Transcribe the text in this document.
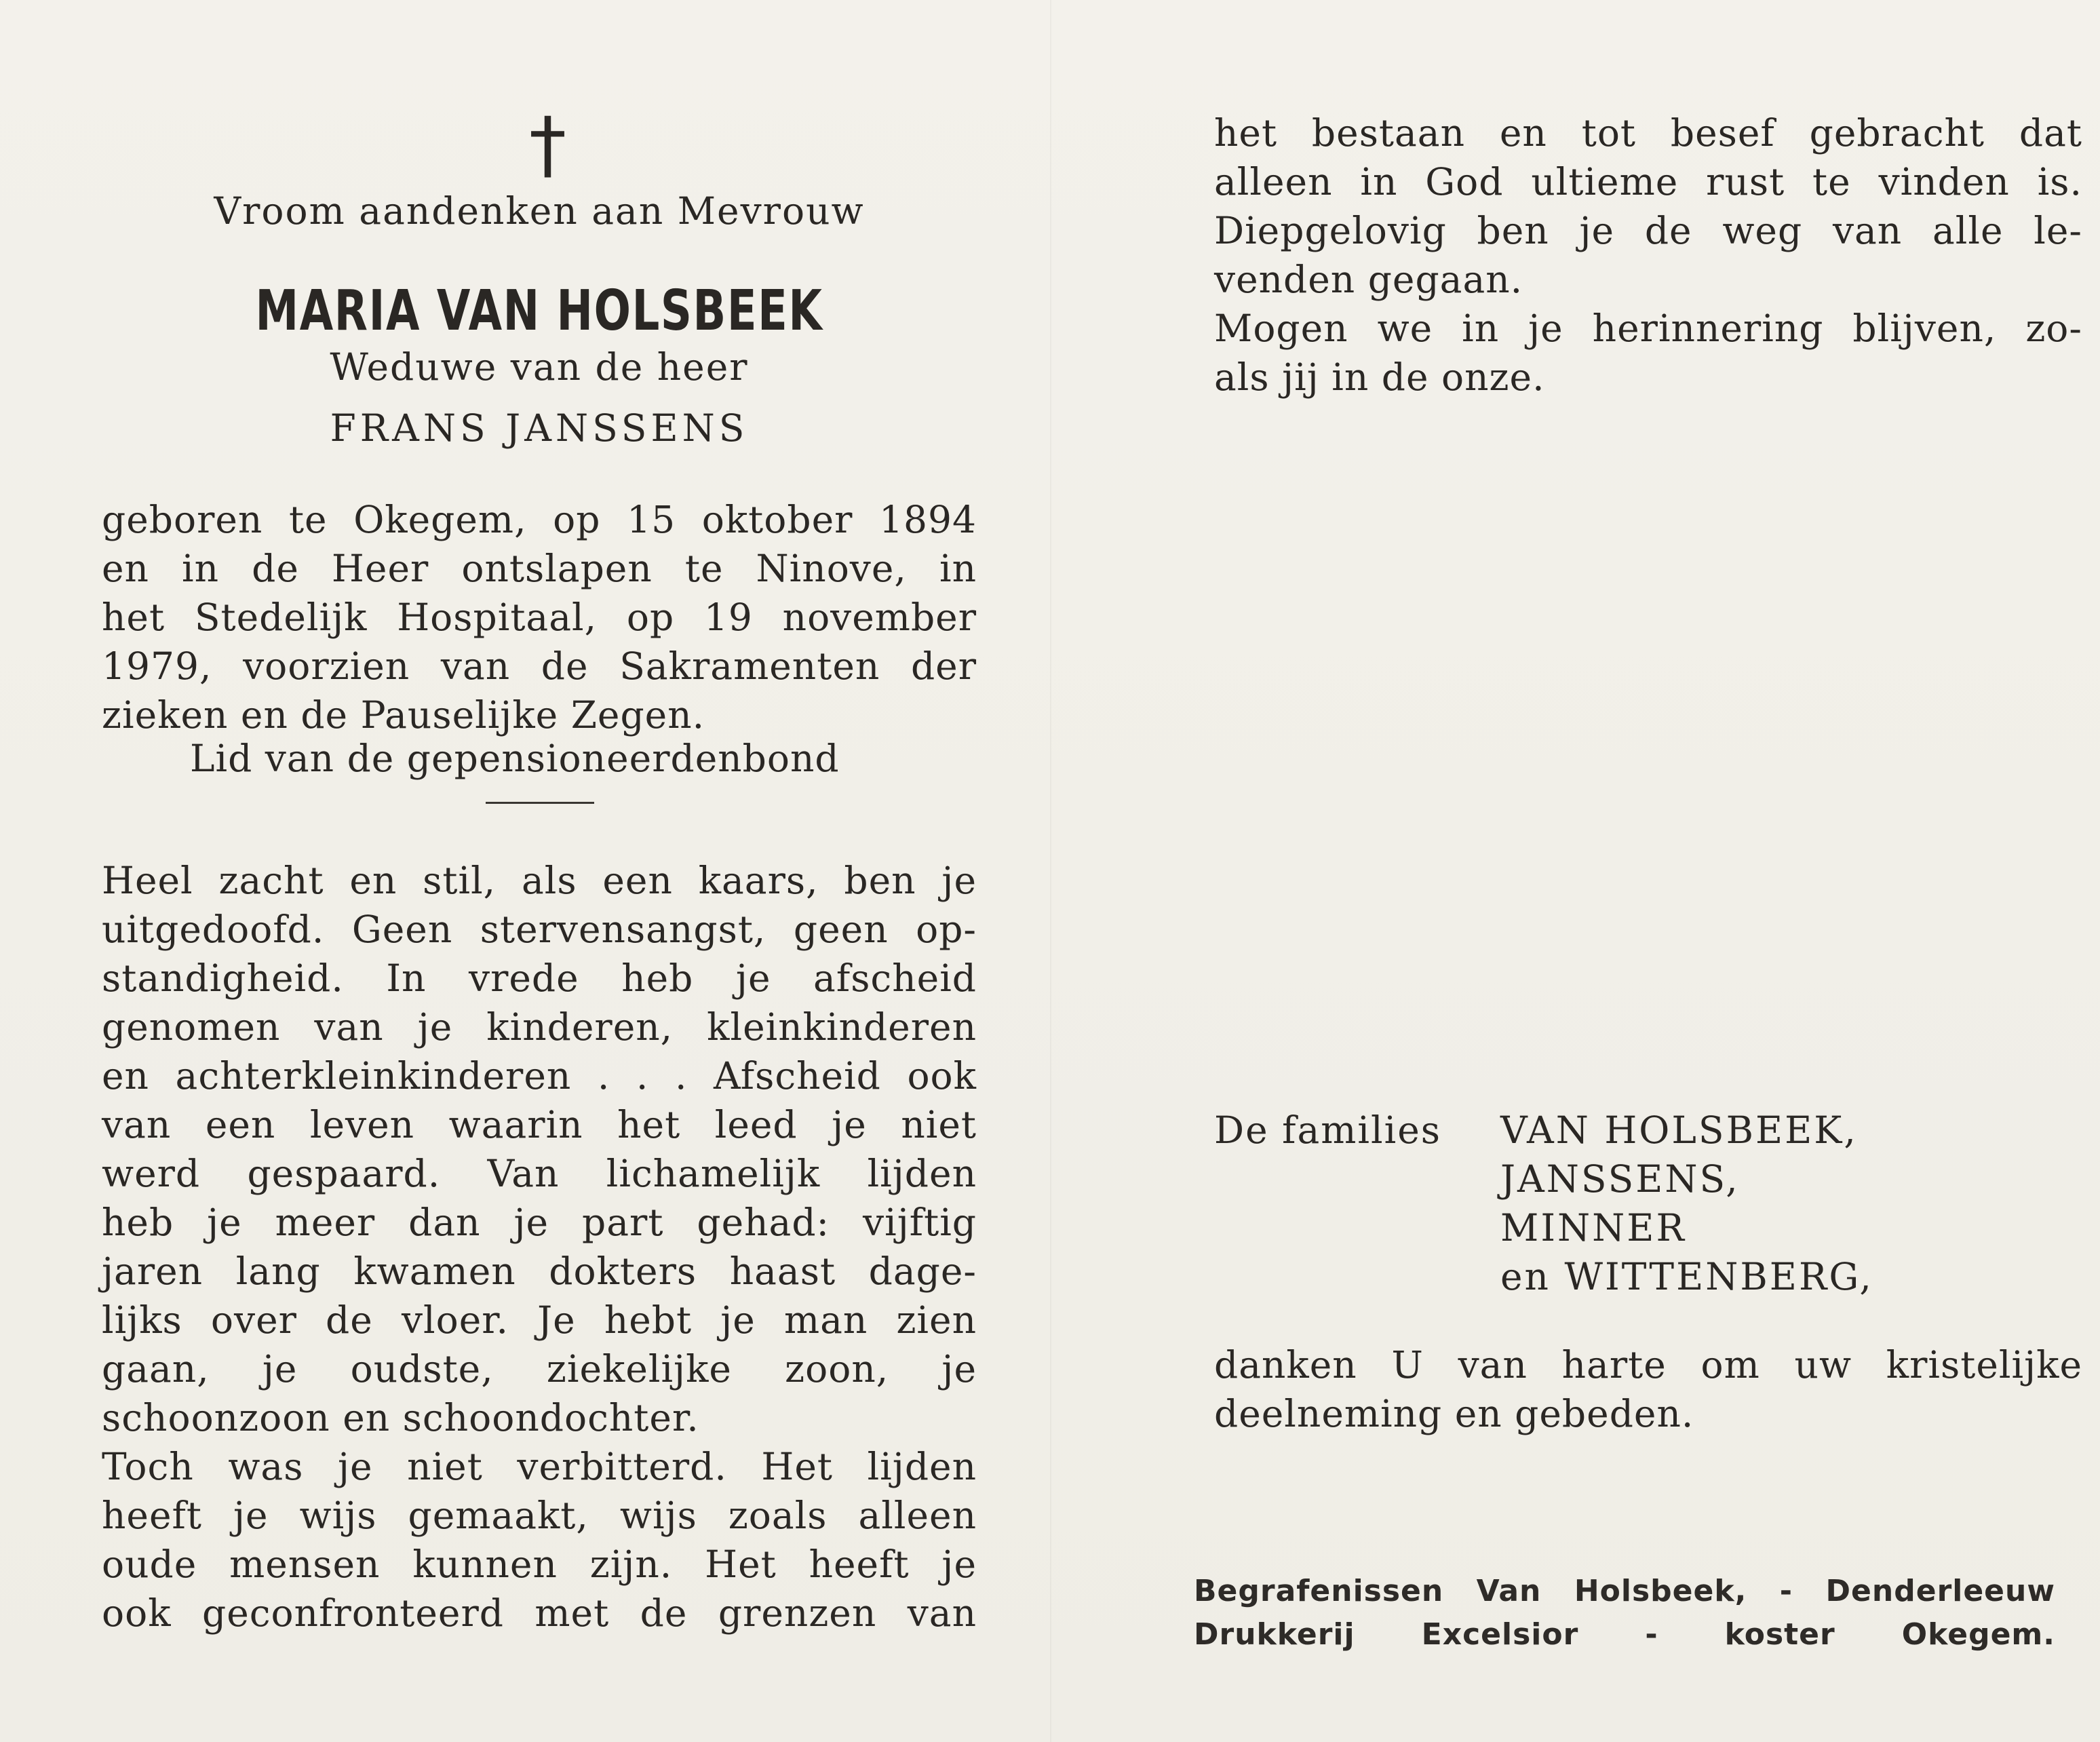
†
Vroom aandenken aan Mevrouw
MARIA VAN HOLSBEEK
Weduwe van de heer
FRANS JANSSENS
geboren te Okegem, op 15 oktober 1894
en in de Heer ontslapen te Ninove, in
het Stedelijk Hospitaal, op 19 november
1979, voorzien van de Sakramenten der
zieken en de Pauselijke Zegen.
Lid van de gepensioneerdenbond
Heel zacht en stil, als een kaars, ben je
uitgedoofd. Geen stervensangst, geen op-
standigheid. In vrede heb je afscheid
genomen van je kinderen, kleinkinderen
en achterkleinkinderen . . . Afscheid ook
van een leven waarin het leed je niet
werd gespaard. Van lichamelijk lijden
heb je meer dan je part gehad: vijftig
jaren lang kwamen dokters haast dage-
lijks over de vloer. Je hebt je man zien
gaan, je oudste, ziekelijke zoon, je
schoonzoon en schoondochter.
Toch was je niet verbitterd. Het lijden
heeft je wijs gemaakt, wijs zoals alleen
oude mensen kunnen zijn. Het heeft je
ook geconfronteerd met de grenzen van
het bestaan en tot besef gebracht dat
alleen in God ultieme rust te vinden is.
Diepgelovig ben je de weg van alle le-
venden gegaan.
Mogen we in je herinnering blijven, zo-
als jij in de onze.
De families VAN HOLSBEEK,
JANSSENS,
MINNER
en WITTENBERG,
danken U van harte om uw kristelijke
deelneming en gebeden.
Begrafenissen Van Holsbeek, - Denderleeuw
Drukkerij Excelsior - koster Okegem.
